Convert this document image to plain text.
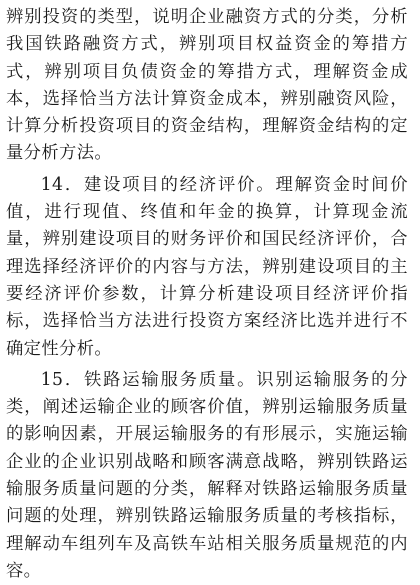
辨别投资的类型，说明企业融资方式的分类，分析我国铁路融资方式，辨别项目权益资金的筹措方式，辨别项目负债资金的筹措方式，理解资金成本，选择恰当方法计算资金成本，辨别融资风险，计算分析投资项目的资金结构，理解资金结构的定量分析方法。

14．建设项目的经济评价。理解资金时间价值，进行现值、终值和年金的换算，计算现金流量，辨别建设项目的财务评价和国民经济评价，合理选择经济评价的内容与方法，辨别建设项目的主要经济评价参数，计算分析建设项目经济评价指标，选择恰当方法进行投资方案经济比选并进行不确定性分析。

15．铁路运输服务质量。识别运输服务的分类，阐述运输企业的顾客价值，辨别运输服务质量的影响因素，开展运输服务的有形展示，实施运输企业的企业识别战略和顾客满意战略，辨别铁路运输服务质量问题的分类，解释对铁路运输服务质量问题的处理，辨别铁路运输服务质量的考核指标，理解动车组列车及高铁车站相关服务质量规范的内容。
